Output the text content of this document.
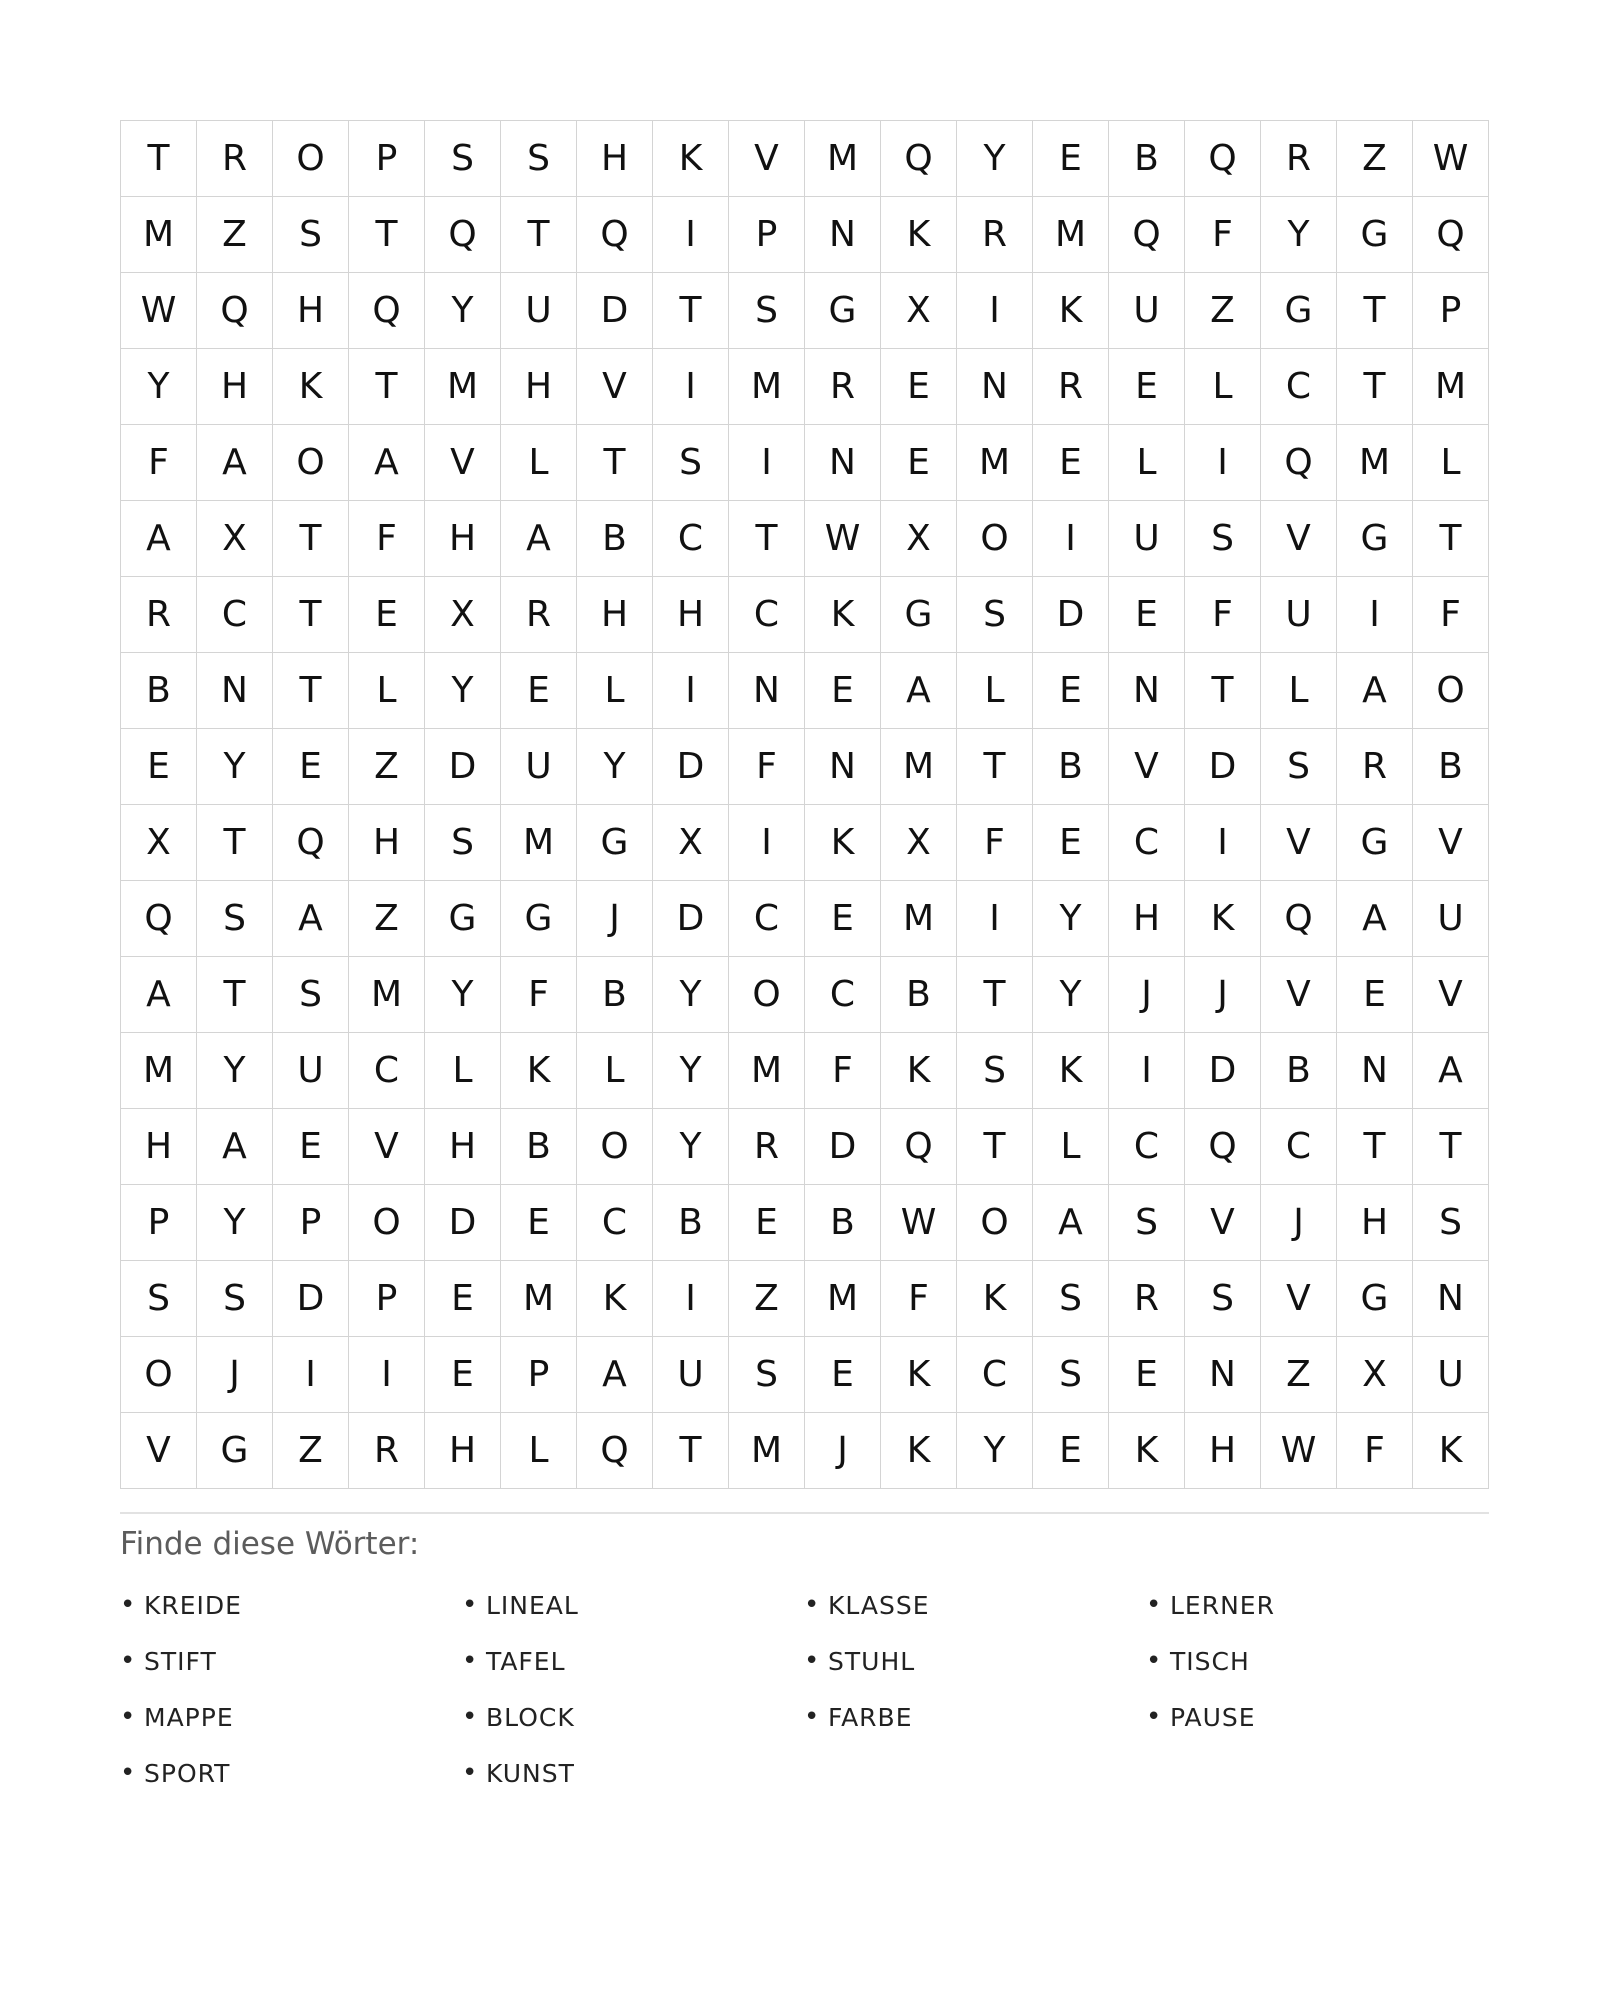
T	R	O	P	S	S	H	K	V	M	Q	Y	E	B	Q	R	Z	W
M	Z	S	T	Q	T	Q	I	P	N	K	R	M	Q	F	Y	G	Q
W	Q	H	Q	Y	U	D	T	S	G	X	I	K	U	Z	G	T	P
Y	H	K	T	M	H	V	I	M	R	E	N	R	E	L	C	T	M
F	A	O	A	V	L	T	S	I	N	E	M	E	L	I	Q	M	L
A	X	T	F	H	A	B	C	T	W	X	O	I	U	S	V	G	T
R	C	T	E	X	R	H	H	C	K	G	S	D	E	F	U	I	F
B	N	T	L	Y	E	L	I	N	E	A	L	E	N	T	L	A	O
E	Y	E	Z	D	U	Y	D	F	N	M	T	B	V	D	S	R	B
X	T	Q	H	S	M	G	X	I	K	X	F	E	C	I	V	G	V
Q	S	A	Z	G	G	J	D	C	E	M	I	Y	H	K	Q	A	U
A	T	S	M	Y	F	B	Y	O	C	B	T	Y	J	J	V	E	V
M	Y	U	C	L	K	L	Y	M	F	K	S	K	I	D	B	N	A
H	A	E	V	H	B	O	Y	R	D	Q	T	L	C	Q	C	T	T
P	Y	P	O	D	E	C	B	E	B	W	O	A	S	V	J	H	S
S	S	D	P	E	M	K	I	Z	M	F	K	S	R	S	V	G	N
O	J	I	I	E	P	A	U	S	E	K	C	S	E	N	Z	X	U
V	G	Z	R	H	L	Q	T	M	J	K	Y	E	K	H	W	F	K
Finde diese Wörter:
• KREIDE	• LINEAL	• KLASSE	• LERNER
• STIFT	• TAFEL	• STUHL	• TISCH
• MAPPE	• BLOCK	• FARBE	• PAUSE
• SPORT	• KUNST
